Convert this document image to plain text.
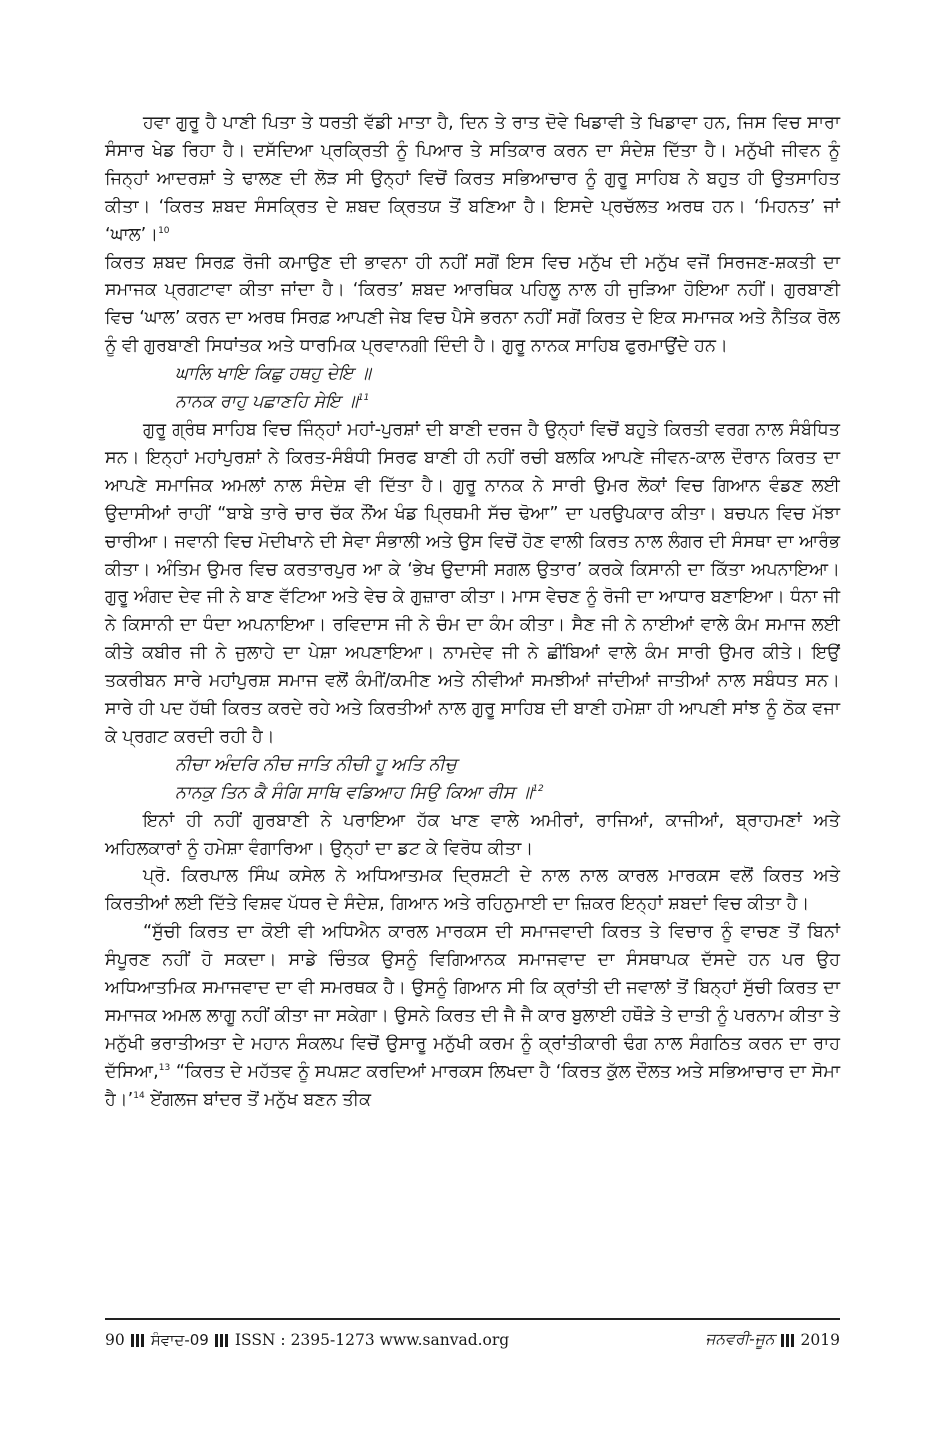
ਹਵਾ ਗੁਰੂ ਹੈ ਪਾਣੀ ਪਿਤਾ ਤੇ ਧਰਤੀ ਵੱਡੀ ਮਾਤਾ ਹੈ, ਦਿਨ ਤੇ ਰਾਤ ਦੋਵੇ ਖਿਡਾਵੀ ਤੇ ਖਿਡਾਵਾ ਹਨ, ਜਿਸ ਵਿਚ ਸਾਰਾ ਸੰਸਾਰ ਖੇਡ ਰਿਹਾ ਹੈ। ਦਸੱਦਿਆ ਪ੍ਰਕ੍ਰਿਤੀ ਨੂੰ ਪਿਆਰ ਤੇ ਸਤਿਕਾਰ ਕਰਨ ਦਾ ਸੰਦੇਸ਼ ਦਿੱਤਾ ਹੈ। ਮਨੁੱਖੀ ਜੀਵਨ ਨੂੰ ਜਿਨ੍ਹਾਂ ਆਦਰਸ਼ਾਂ ਤੇ ਢਾਲਣ ਦੀ ਲੋੜ ਸੀ ਉਨ੍ਹਾਂ ਵਿਚੋਂ ਕਿਰਤ ਸਭਿਆਚਾਰ ਨੂੰ ਗੁਰੂ ਸਾਹਿਬ ਨੇ ਬਹੁਤ ਹੀ ਉਤਸਾਹਿਤ ਕੀਤਾ। ‘ਕਿਰਤ ਸ਼ਬਦ ਸੰਸਕ੍ਰਿਤ ਦੇ ਸ਼ਬਦ ਕ੍ਰਿਤਯ ਤੋਂ ਬਣਿਆ ਹੈ। ਇਸਦੇ ਪ੍ਰਚੱਲਤ ਅਰਥ ਹਨ। ‘ਮਿਹਨਤ’ ਜਾਂ ‘ਘਾਲ’।$^{10}$

ਕਿਰਤ ਸ਼ਬਦ ਸਿਰਫ਼ ਰੋਜੀ ਕਮਾਉਣ ਦੀ ਭਾਵਨਾ ਹੀ ਨਹੀਂ ਸਗੋਂ ਇਸ ਵਿਚ ਮਨੁੱਖ ਦੀ ਮਨੁੱਖ ਵਜੋਂ ਸਿਰਜਣ-ਸ਼ਕਤੀ ਦਾ ਸਮਾਜਕ ਪ੍ਰਗਟਾਵਾ ਕੀਤਾ ਜਾਂਦਾ ਹੈ। ‘ਕਿਰਤ’ ਸ਼ਬਦ ਆਰਥਿਕ ਪਹਿਲੂ ਨਾਲ ਹੀ ਜੁੜਿਆ ਹੋਇਆ ਨਹੀਂ। ਗੁਰਬਾਣੀ ਵਿਚ ‘ਘਾਲ’ ਕਰਨ ਦਾ ਅਰਥ ਸਿਰਫ਼ ਆਪਣੀ ਜੇਬ ਵਿਚ ਪੈਸੇ ਭਰਨਾ ਨਹੀਂ ਸਗੋਂ ਕਿਰਤ ਦੇ ਇਕ ਸਮਾਜਕ ਅਤੇ ਨੈਤਿਕ ਰੋਲ ਨੂੰ ਵੀ ਗੁਰਬਾਣੀ ਸਿਧਾਂਤਕ ਅਤੇ ਧਾਰਮਿਕ ਪ੍ਰਵਾਨਗੀ ਦਿੰਦੀ ਹੈ। ਗੁਰੂ ਨਾਨਕ ਸਾਹਿਬ ਫੁਰਮਾਉਂਦੇ ਹਨ।

ਘਾਲਿ ਖਾਇ ਕਿਛੁ ਹਥਹੁ ਦੇਇ ॥

ਨਾਨਕ ਰਾਹੁ ਪਛਾਣਹਿ ਸੇਇ ॥$^{11}$

ਗੁਰੂ ਗ੍ਰੰਥ ਸਾਹਿਬ ਵਿਚ ਜਿੰਨ੍ਹਾਂ ਮਹਾਂ-ਪੁਰਸ਼ਾਂ ਦੀ ਬਾਣੀ ਦਰਜ ਹੈ ਉਨ੍ਹਾਂ ਵਿਚੋਂ ਬਹੁਤੇ ਕਿਰਤੀ ਵਰਗ ਨਾਲ ਸੰਬੰਧਿਤ ਸਨ। ਇਨ੍ਹਾਂ ਮਹਾਂਪੁਰਸ਼ਾਂ ਨੇ ਕਿਰਤ-ਸੰਬੰਧੀ ਸਿਰਫ ਬਾਣੀ ਹੀ ਨਹੀਂ ਰਚੀ ਬਲਕਿ ਆਪਣੇ ਜੀਵਨ-ਕਾਲ ਦੌਰਾਨ ਕਿਰਤ ਦਾ ਆਪਣੇ ਸਮਾਜਿਕ ਅਮਲਾਂ ਨਾਲ ਸੰਦੇਸ਼ ਵੀ ਦਿੱਤਾ ਹੈ। ਗੁਰੂ ਨਾਨਕ ਨੇ ਸਾਰੀ ਉਮਰ ਲੋਕਾਂ ਵਿਚ ਗਿਆਨ ਵੰਡਣ ਲਈ ਉਦਾਸੀਆਂ ਰਾਹੀਂ “ਬਾਬੇ ਤਾਰੇ ਚਾਰ ਚੱਕ ਨੌਂਅ ਖੰਡ ਪ੍ਰਿਥਮੀ ਸੱਚ ਢੋਆ” ਦਾ ਪਰਉਪਕਾਰ ਕੀਤਾ। ਬਚਪਨ ਵਿਚ ਮੱਝਾ ਚਾਰੀਆ। ਜਵਾਨੀ ਵਿਚ ਮੋਦੀਖਾਨੇ ਦੀ ਸੇਵਾ ਸੰਭਾਲੀ ਅਤੇ ਉਸ ਵਿਚੋਂ ਹੋਣ ਵਾਲੀ ਕਿਰਤ ਨਾਲ ਲੰਗਰ ਦੀ ਸੰਸਥਾ ਦਾ ਆਰੰਭ ਕੀਤਾ। ਅੰਤਿਮ ਉਮਰ ਵਿਚ ਕਰਤਾਰਪੁਰ ਆ ਕੇ ‘ਭੇਖ ਉਦਾਸੀ ਸਗਲ ਉਤਾਰ’ ਕਰਕੇ ਕਿਸਾਨੀ ਦਾ ਕਿੱਤਾ ਅਪਨਾਇਆ। ਗੁਰੂ ਅੰਗਦ ਦੇਵ ਜੀ ਨੇ ਬਾਣ ਵੱਟਿਆ ਅਤੇ ਵੇਚ ਕੇ ਗੁਜ਼ਾਰਾ ਕੀਤਾ। ਮਾਸ ਵੇਚਣ ਨੂੰ ਰੋਜੀ ਦਾ ਆਧਾਰ ਬਣਾਇਆ। ਧੰਨਾ ਜੀ ਨੇ ਕਿਸਾਨੀ ਦਾ ਧੰਦਾ ਅਪਨਾਇਆ। ਰਵਿਦਾਸ ਜੀ ਨੇ ਚੰਮ ਦਾ ਕੰਮ ਕੀਤਾ। ਸੈਣ ਜੀ ਨੇ ਨਾਈਆਂ ਵਾਲੇ ਕੰਮ ਸਮਾਜ ਲਈ ਕੀਤੇ ਕਬੀਰ ਜੀ ਨੇ ਜੁਲਾਹੇ ਦਾ ਪੇਸ਼ਾ ਅਪਣਾਇਆ। ਨਾਮਦੇਵ ਜੀ ਨੇ ਛੀਂਬਿਆਂ ਵਾਲੇ ਕੰਮ ਸਾਰੀ ਉਮਰ ਕੀਤੇ। ਇਉਂ ਤਕਰੀਬਨ ਸਾਰੇ ਮਹਾਂਪੁਰਸ਼ ਸਮਾਜ ਵਲੋਂ ਕੰਮੀਂ/ਕਮੀਣ ਅਤੇ ਨੀਵੀਆਂ ਸਮਝੀਆਂ ਜਾਂਦੀਆਂ ਜਾਤੀਆਂ ਨਾਲ ਸਬੰਧਤ ਸਨ। ਸਾਰੇ ਹੀ ਪਦ ਹੱਥੀ ਕਿਰਤ ਕਰਦੇ ਰਹੇ ਅਤੇ ਕਿਰਤੀਆਂ ਨਾਲ ਗੁਰੂ ਸਾਹਿਬ ਦੀ ਬਾਣੀ ਹਮੇਸ਼ਾ ਹੀ ਆਪਣੀ ਸਾਂਝ ਨੂੰ ਠੋਕ ਵਜਾ ਕੇ ਪ੍ਰਗਟ ਕਰਦੀ ਰਹੀ ਹੈ।

ਨੀਚਾ ਅੰਦਰਿ ਨੀਚ ਜਾਤਿ ਨੀਚੀ ਹੂ ਅਤਿ ਨੀਚੁ

ਨਾਨਕੁ ਤਿਨ ਕੈ ਸੰਗਿ ਸਾਥਿ ਵਡਿਆਹ ਸਿਉ ਕਿਆ ਰੀਸ ॥$^{12}$

ਇਨਾਂ ਹੀ ਨਹੀਂ ਗੁਰਬਾਣੀ ਨੇ ਪਰਾਇਆ ਹੱਕ ਖਾਣ ਵਾਲੇ ਅਮੀਰਾਂ, ਰਾਜਿਆਂ, ਕਾਜੀਆਂ, ਬ੍ਰਾਹਮਣਾਂ ਅਤੇ ਅਹਿਲਕਾਰਾਂ ਨੂੰ ਹਮੇਸ਼ਾ ਵੰਗਾਰਿਆ। ਉਨ੍ਹਾਂ ਦਾ ਡਟ ਕੇ ਵਿਰੋਧ ਕੀਤਾ।

ਪ੍ਰੋ. ਕਿਰਪਾਲ ਸਿੰਘ ਕਸੇਲ ਨੇ ਅਧਿਆਤਮਕ ਦ੍ਰਿਸ਼ਟੀ ਦੇ ਨਾਲ ਨਾਲ ਕਾਰਲ ਮਾਰਕਸ ਵਲੋਂ ਕਿਰਤ ਅਤੇ ਕਿਰਤੀਆਂ ਲਈ ਦਿੱਤੇ ਵਿਸ਼ਵ ਪੱਧਰ ਦੇ ਸੰਦੇਸ਼, ਗਿਆਨ ਅਤੇ ਰਹਿਨੁਮਾਈ ਦਾ ਜ਼ਿਕਰ ਇਨ੍ਹਾਂ ਸ਼ਬਦਾਂ ਵਿਚ ਕੀਤਾ ਹੈ।

“ਸੁੱਚੀ ਕਿਰਤ ਦਾ ਕੋਈ ਵੀ ਅਧਿਐਨ ਕਾਰਲ ਮਾਰਕਸ ਦੀ ਸਮਾਜਵਾਦੀ ਕਿਰਤ ਤੇ ਵਿਚਾਰ ਨੂੰ ਵਾਚਣ ਤੋਂ ਬਿਨਾਂ ਸੰਪੂਰਣ ਨਹੀਂ ਹੋ ਸਕਦਾ। ਸਾਡੇ ਚਿੰਤਕ ਉਸਨੂੰ ਵਿਗਿਆਨਕ ਸਮਾਜਵਾਦ ਦਾ ਸੰਸਥਾਪਕ ਦੱਸਦੇ ਹਨ ਪਰ ਉਹ ਅਧਿਆਤਮਿਕ ਸਮਾਜਵਾਦ ਦਾ ਵੀ ਸਮਰਥਕ ਹੈ। ਉਸਨੂੰ ਗਿਆਨ ਸੀ ਕਿ ਕ੍ਰਾਂਤੀ ਦੀ ਜਵਾਲਾਂ ਤੋਂ ਬਿਨ੍ਹਾਂ ਸੁੱਚੀ ਕਿਰਤ ਦਾ ਸਮਾਜਕ ਅਮਲ ਲਾਗੂ ਨਹੀਂ ਕੀਤਾ ਜਾ ਸਕੇਗਾ। ਉਸਨੇ ਕਿਰਤ ਦੀ ਜੈ ਜੈ ਕਾਰ ਬੁਲਾਈ ਹਥੌੜੇ ਤੇ ਦਾਤੀ ਨੂੰ ਪਰਨਾਮ ਕੀਤਾ ਤੇ ਮਨੁੱਖੀ ਭਰਾਤੀਅਤਾ ਦੇ ਮਹਾਨ ਸੰਕਲਪ ਵਿਚੋਂ ਉਸਾਰੂ ਮਨੁੱਖੀ ਕਰਮ ਨੂੰ ਕ੍ਰਾਂਤੀਕਾਰੀ ਢੰਗ ਨਾਲ ਸੰਗਠਿਤ ਕਰਨ ਦਾ ਰਾਹ ਦੱਸਿਆ,$^{13}$ “ਕਿਰਤ ਦੇ ਮਹੱਤਵ ਨੂੰ ਸਪਸ਼ਟ ਕਰਦਿਆਂ ਮਾਰਕਸ ਲਿਖਦਾ ਹੈ ‘ਕਿਰਤ ਕੁੱਲ ਦੌਲਤ ਅਤੇ ਸਭਿਆਚਾਰ ਦਾ ਸੋਮਾ ਹੈ।’$^{14}$ ਏਂਗਲਜ ਬਾਂਦਰ ਤੋਂ ਮਨੁੱਖ ਬਣਨ ਤੀਕ

90 ਸੰਵਾਦ-09 ISSN : 2395-1273 www.sanvad.org	ਜਨਵਰੀ-ਜੂਨ 2019
